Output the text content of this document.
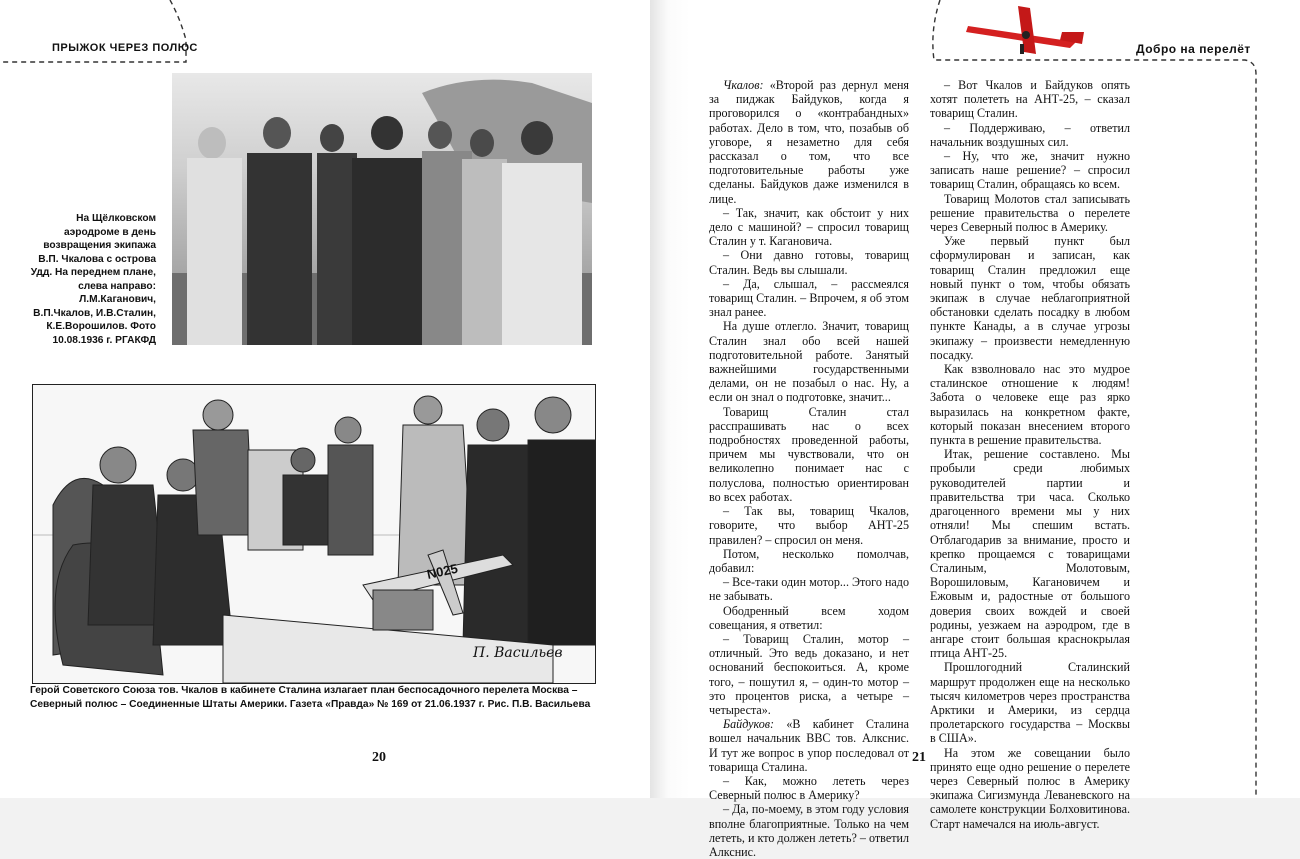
ПРЫЖОК ЧЕРЕЗ ПОЛЮС
На Щёлковском аэродроме в день возвращения экипажа В.П. Чкалова с острова Удд. На переднем плане, слева направо: Л.М.Каганович, В.П.Чкалов, И.В.Сталин, К.Е.Ворошилов. Фото 10.08.1936 г. РГАКФД
N025
П. Васильев
Герой Советского Союза тов. Чкалов в кабинете Сталина излагает план беспосадочного перелета Москва – Северный полюс – Соединенные Штаты Америки. Газета «Правда» № 169 от 21.06.1937 г. Рис. П.В. Васильева
20
Добро на перелёт

Чкалов: «Второй раз дернул меня за пиджак Байдуков, когда я проговорился о «контрабандных» работах. Дело в том, что, позабыв об уговоре, я незаметно для себя рассказал о том, что все подготовительные работы уже сделаны. Байдуков даже изменился в лице.

– Так, значит, как обстоит у них дело с машиной? – спросил товарищ Сталин у т. Кагановича.

– Они давно готовы, товарищ Сталин. Ведь вы слышали.

– Да, слышал, – рассмеялся товарищ Сталин. – Впрочем, я об этом знал ранее.

На душе отлегло. Значит, товарищ Сталин знал обо всей нашей подготовительной работе. Занятый важнейшими государственными делами, он не позабыл о нас. Ну, а если он знал о подготовке, значит...

Товарищ Сталин стал расспрашивать нас о всех подробностях проведенной работы, причем мы чувствовали, что он великолепно понимает нас с полуслова, полностью ориентирован во всех работах.

– Так вы, товарищ Чкалов, говорите, что выбор АНТ-25 правилен? – спросил он меня.

Потом, несколько помолчав, добавил:

– Все-таки один мотор... Этого надо не забывать.

Ободренный всем ходом совещания, я ответил:

– Товарищ Сталин, мотор – отличный. Это ведь доказано, и нет оснований беспокоиться. А, кроме того, – пошутил я, – один-то мотор – это процентов риска, а четыре – четыреста».

Байдуков: «В кабинет Сталина вошел начальник ВВС тов. Алкснис. И тут же вопрос в упор последовал от товарища Сталина.

– Как, можно лететь через Северный полюс в Америку?

– Да, по-моему, в этом году условия вполне благоприятные. Только на чем лететь, и кто должен лететь? – ответил Алкснис.

– Вот Чкалов и Байдуков опять хотят полететь на АНТ-25, – сказал товарищ Сталин.

– Поддерживаю, – ответил начальник воздушных сил.

– Ну, что же, значит нужно записать наше решение? – спросил товарищ Сталин, обращаясь ко всем.

Товарищ Молотов стал записывать решение правительства о перелете через Северный полюс в Америку.

Уже первый пункт был сформулирован и записан, как товарищ Сталин предложил еще новый пункт о том, чтобы обязать экипаж в случае неблагоприятной обстановки сделать посадку в любом пункте Канады, а в случае угрозы экипажу – произвести немедленную посадку.

Как взволновало нас это мудрое сталинское отношение к людям! Забота о человеке еще раз ярко выразилась на конкретном факте, который показан внесением второго пункта в решение правительства.

Итак, решение составлено. Мы пробыли среди любимых руководителей партии и правительства три часа. Сколько драгоценного времени мы у них отняли! Мы спешим встать. Отблагодарив за внимание, просто и крепко прощаемся с товарищами Сталиным, Молотовым, Ворошиловым, Кагановичем и Ежовым и, радостные от большого доверия своих вождей и своей родины, уезжаем на аэродром, где в ангаре стоит большая краснокрылая птица АНТ-25.

Прошлогодний Сталинский маршрут продолжен еще на несколько тысяч километров через пространства Арктики и Америки, из сердца пролетарского государства – Москвы в США».

На этом же совещании было принято еще одно решение о перелете через Северный полюс в Америку экипажа Сигизмунда Леваневского на самолете конструкции Болховитинова. Старт намечался на июль-август.

21
